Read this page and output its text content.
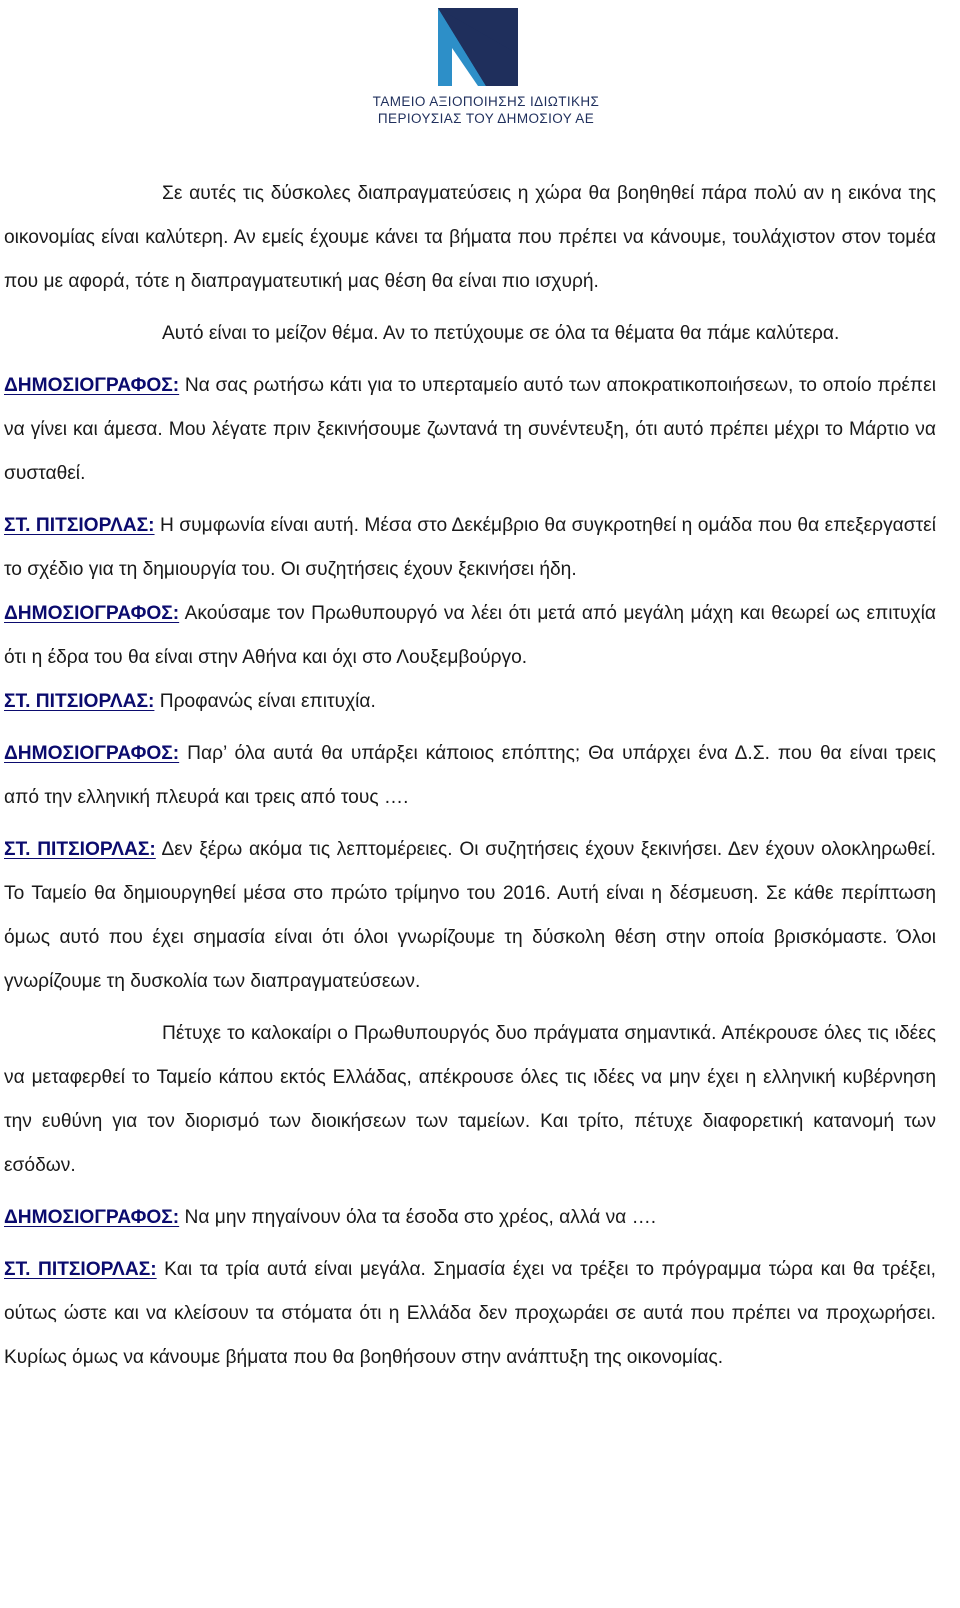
ΤΑΜΕΙΟ ΑΞΙΟΠΟΙΗΣΗΣ ΙΔΙΩΤΙΚΗΣ
ΠΕΡΙΟΥΣΙΑΣ ΤΟΥ ΔΗΜΟΣΙΟΥ ΑΕ

Σε αυτές τις δύσκολες διαπραγματεύσεις η χώρα θα βοηθηθεί πάρα πολύ αν η εικόνα της οικονομίας είναι καλύτερη. Αν εμείς έχουμε κάνει τα βήματα που πρέπει να κάνουμε, τουλάχιστον στον τομέα που με αφορά, τότε η διαπραγματευτική μας θέση θα είναι πιο ισχυρή.

Αυτό είναι το μείζον θέμα. Αν το πετύχουμε σε όλα τα θέματα θα πάμε καλύτερα.

ΔΗΜΟΣΙΟΓΡΑΦΟΣ: Να σας ρωτήσω κάτι για το υπερταμείο αυτό των αποκρατικοποιήσεων, το οποίο πρέπει να γίνει και άμεσα. Μου λέγατε πριν ξεκινήσουμε ζωντανά τη συνέντευξη, ότι αυτό πρέπει μέχρι το Μάρτιο να συσταθεί.

ΣΤ. ΠΙΤΣΙΟΡΛΑΣ: Η συμφωνία είναι αυτή. Μέσα στο Δεκέμβριο θα συγκροτηθεί η ομάδα που θα επεξεργαστεί το σχέδιο για τη δημιουργία του. Οι συζητήσεις έχουν ξεκινήσει ήδη.

ΔΗΜΟΣΙΟΓΡΑΦΟΣ: Ακούσαμε τον Πρωθυπουργό να λέει ότι μετά από μεγάλη μάχη και θεωρεί ως επιτυχία ότι η έδρα του θα είναι στην Αθήνα και όχι στο Λουξεμβούργο.

ΣΤ. ΠΙΤΣΙΟΡΛΑΣ: Προφανώς είναι επιτυχία.

ΔΗΜΟΣΙΟΓΡΑΦΟΣ: Παρ’ όλα αυτά θα υπάρξει κάποιος επόπτης; Θα υπάρχει ένα Δ.Σ. που θα είναι τρεις από την ελληνική πλευρά και τρεις από τους ….

ΣΤ. ΠΙΤΣΙΟΡΛΑΣ: Δεν ξέρω ακόμα τις λεπτομέρειες. Οι συζητήσεις έχουν ξεκινήσει. Δεν έχουν ολοκληρωθεί. Το Ταμείο θα δημιουργηθεί μέσα στο πρώτο τρίμηνο του 2016. Αυτή είναι η δέσμευση. Σε κάθε περίπτωση όμως αυτό που έχει σημασία είναι ότι όλοι γνωρίζουμε τη δύσκολη θέση στην οποία βρισκόμαστε. Όλοι γνωρίζουμε τη δυσκολία των διαπραγματεύσεων.

Πέτυχε το καλοκαίρι ο Πρωθυπουργός δυο πράγματα σημαντικά. Απέκρουσε όλες τις ιδέες να μεταφερθεί το Ταμείο κάπου εκτός Ελλάδας, απέκρουσε όλες τις ιδέες να μην έχει η ελληνική κυβέρνηση την ευθύνη για τον διορισμό των διοικήσεων των ταμείων. Και τρίτο, πέτυχε διαφορετική κατανομή των εσόδων.

ΔΗΜΟΣΙΟΓΡΑΦΟΣ: Να μην πηγαίνουν όλα τα έσοδα στο χρέος, αλλά να ….

ΣΤ. ΠΙΤΣΙΟΡΛΑΣ: Και τα τρία αυτά είναι μεγάλα. Σημασία έχει να τρέξει το πρόγραμμα τώρα και θα τρέξει, ούτως ώστε και να κλείσουν τα στόματα ότι η Ελλάδα δεν προχωράει σε αυτά που πρέπει να προχωρήσει. Κυρίως όμως να κάνουμε βήματα που θα βοηθήσουν στην ανάπτυξη της οικονομίας.
